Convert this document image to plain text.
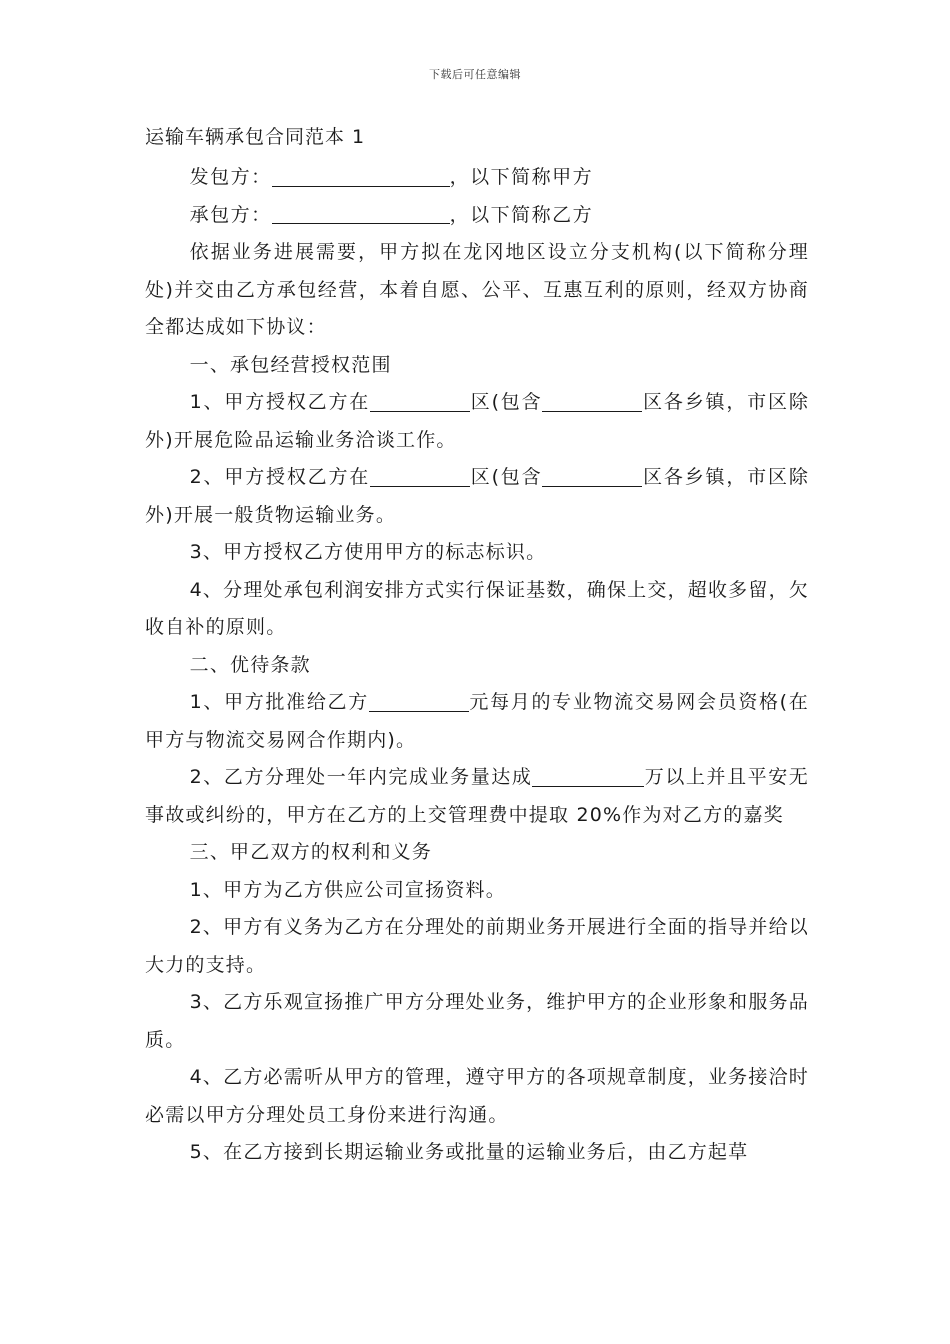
下载后可任意编辑

运输车辆承包合同范本 1

发包方：	，以下简称甲方

承包方：	，以下简称乙方

依据业务进展需要，甲方拟在龙冈地区设立分支机构(以下简称分理处)并交由乙方承包经营，本着自愿、公平、互惠互利的原则，经双方协商全都达成如下协议：

一、承包经营授权范围

1、甲方授权乙方在	区(包含	区各乡镇，市区除外)开展危险品运输业务洽谈工作。

2、甲方授权乙方在	区(包含	区各乡镇，市区除外)开展一般货物运输业务。

3、甲方授权乙方使用甲方的标志标识。

4、分理处承包利润安排方式实行保证基数，确保上交，超收多留，欠收自补的原则。

二、优待条款

1、甲方批准给乙方	元每月的专业物流交易网会员资格(在甲方与物流交易网合作期内)。

2、乙方分理处一年内完成业务量达成	万以上并且平安无事故或纠纷的，甲方在乙方的上交管理费中提取 20%作为对乙方的嘉奖

三、甲乙双方的权利和义务

1、甲方为乙方供应公司宣扬资料。

2、甲方有义务为乙方在分理处的前期业务开展进行全面的指导并给以大力的支持。

3、乙方乐观宣扬推广甲方分理处业务，维护甲方的企业形象和服务品质。

4、乙方必需听从甲方的管理，遵守甲方的各项规章制度，业务接洽时必需以甲方分理处员工身份来进行沟通。

5、在乙方接到长期运输业务或批量的运输业务后，由乙方起草
